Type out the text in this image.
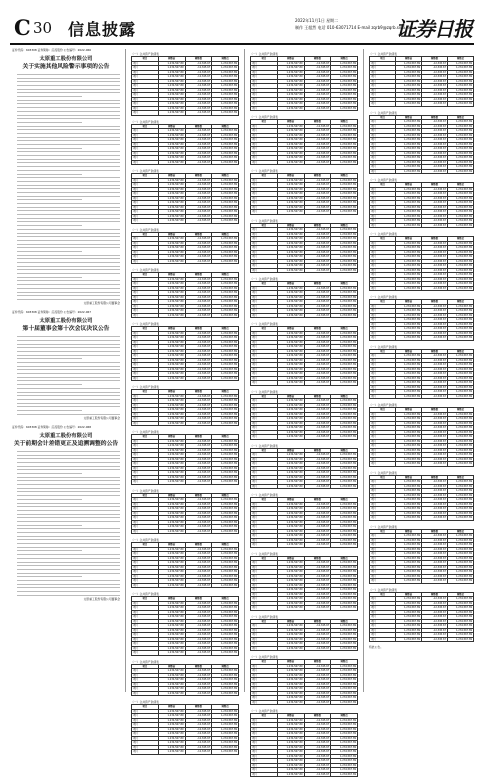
C 30 信息披露	2022年11月1日 星期二
制作 王超然 电话 010-63071714 E-mail zqrb9@zqrb.sina.net
证券日报
证券代码：603308 证券简称：应流股份 公告编号：2022-066
太原重工股份有限公司
关于实施其他风险警示事项的公告
太原重工股份有限公司董事会
证券代码：603308 证券简称：应流股份 公告编号：2022-067
太原重工股份有限公司
第十届董事会第十次会议决议公告
太原重工股份有限公司董事会
证券代码：603308 证券简称：应流股份 公告编号：2022-068
太原重工股份有限公司
关于前期会计差错更正及追溯调整的公告
太原重工股份有限公司董事会
（一）合并资产负债表
项目	调整前	调整数	调整后
项目	1,234,567.89	-12,345.67	1,234,567.89
项目	1,234,567.89	-12,345.67	1,234,567.89
项目	1,234,567.89	-12,345.67	1,234,567.89
项目	1,234,567.89	-12,345.67	1,234,567.89
项目	1,234,567.89	-12,345.67	1,234,567.89
项目	1,234,567.89	-12,345.67	1,234,567.89
项目	1,234,567.89	-12,345.67	1,234,567.89
项目	1,234,567.89	-12,345.67	1,234,567.89
项目	1,234,567.89	-12,345.67	1,234,567.89
项目	1,234,567.89	-12,345.67	1,234,567.89
项目	1,234,567.89	-12,345.67	1,234,567.89
项目	1,234,567.89	-12,345.67	1,234,567.89
（一）合并资产负债表
项目	调整前	调整数	调整后
项目	1,234,567.89	-12,345.67	1,234,567.89
项目	1,234,567.89	-12,345.67	1,234,567.89
项目	1,234,567.89	-12,345.67	1,234,567.89
项目	1,234,567.89	-12,345.67	1,234,567.89
项目	1,234,567.89	-12,345.67	1,234,567.89
项目	1,234,567.89	-12,345.67	1,234,567.89
项目	1,234,567.89	-12,345.67	1,234,567.89
项目	1,234,567.89	-12,345.67	1,234,567.89
（一）合并资产负债表
项目	调整前	调整数	调整后
项目	1,234,567.89	-12,345.67	1,234,567.89
项目	1,234,567.89	-12,345.67	1,234,567.89
项目	1,234,567.89	-12,345.67	1,234,567.89
项目	1,234,567.89	-12,345.67	1,234,567.89
项目	1,234,567.89	-12,345.67	1,234,567.89
项目	1,234,567.89	-12,345.67	1,234,567.89
项目	1,234,567.89	-12,345.67	1,234,567.89
项目	1,234,567.89	-12,345.67	1,234,567.89
项目	1,234,567.89	-12,345.67	1,234,567.89
项目	1,234,567.89	-12,345.67	1,234,567.89
（一）合并资产负债表
项目	调整前	调整数	调整后
项目	1,234,567.89	-12,345.67	1,234,567.89
项目	1,234,567.89	-12,345.67	1,234,567.89
项目	1,234,567.89	-12,345.67	1,234,567.89
项目	1,234,567.89	-12,345.67	1,234,567.89
项目	1,234,567.89	-12,345.67	1,234,567.89
项目	1,234,567.89	-12,345.67	1,234,567.89
（一）合并资产负债表
项目	调整前	调整数	调整后
项目	1,234,567.89	-12,345.67	1,234,567.89
项目	1,234,567.89	-12,345.67	1,234,567.89
项目	1,234,567.89	-12,345.67	1,234,567.89
项目	1,234,567.89	-12,345.67	1,234,567.89
项目	1,234,567.89	-12,345.67	1,234,567.89
项目	1,234,567.89	-12,345.67	1,234,567.89
项目	1,234,567.89	-12,345.67	1,234,567.89
项目	1,234,567.89	-12,345.67	1,234,567.89
项目	1,234,567.89	-12,345.67	1,234,567.89
（一）合并资产负债表
项目	调整前	调整数	调整后
项目	1,234,567.89	-12,345.67	1,234,567.89
项目	1,234,567.89	-12,345.67	1,234,567.89
项目	1,234,567.89	-12,345.67	1,234,567.89
项目	1,234,567.89	-12,345.67	1,234,567.89
项目	1,234,567.89	-12,345.67	1,234,567.89
项目	1,234,567.89	-12,345.67	1,234,567.89
项目	1,234,567.89	-12,345.67	1,234,567.89
项目	1,234,567.89	-12,345.67	1,234,567.89
项目	1,234,567.89	-12,345.67	1,234,567.89
项目	1,234,567.89	-12,345.67	1,234,567.89
项目	1,234,567.89	-12,345.67	1,234,567.89
（一）合并资产负债表
项目	调整前	调整数	调整后
项目	1,234,567.89	-12,345.67	1,234,567.89
项目	1,234,567.89	-12,345.67	1,234,567.89
项目	1,234,567.89	-12,345.67	1,234,567.89
项目	1,234,567.89	-12,345.67	1,234,567.89
项目	1,234,567.89	-12,345.67	1,234,567.89
项目	1,234,567.89	-12,345.67	1,234,567.89
项目	1,234,567.89	-12,345.67	1,234,567.89
（一）合并资产负债表
项目	调整前	调整数	调整后
项目	1,234,567.89	-12,345.67	1,234,567.89
项目	1,234,567.89	-12,345.67	1,234,567.89
项目	1,234,567.89	-12,345.67	1,234,567.89
项目	1,234,567.89	-12,345.67	1,234,567.89
项目	1,234,567.89	-12,345.67	1,234,567.89
项目	1,234,567.89	-12,345.67	1,234,567.89
项目	1,234,567.89	-12,345.67	1,234,567.89
项目	1,234,567.89	-12,345.67	1,234,567.89
项目	1,234,567.89	-12,345.67	1,234,567.89
项目	1,234,567.89	-12,345.67	1,234,567.89
（一）合并资产负债表
项目	调整前	调整数	调整后
项目	1,234,567.89	-12,345.67	1,234,567.89
项目	1,234,567.89	-12,345.67	1,234,567.89
项目	1,234,567.89	-12,345.67	1,234,567.89
项目	1,234,567.89	-12,345.67	1,234,567.89
项目	1,234,567.89	-12,345.67	1,234,567.89
项目	1,234,567.89	-12,345.67	1,234,567.89
项目	1,234,567.89	-12,345.67	1,234,567.89
项目	1,234,567.89	-12,345.67	1,234,567.89
（一）合并资产负债表
项目	调整前	调整数	调整后
项目	1,234,567.89	-12,345.67	1,234,567.89
项目	1,234,567.89	-12,345.67	1,234,567.89
项目	1,234,567.89	-12,345.67	1,234,567.89
项目	1,234,567.89	-12,345.67	1,234,567.89
项目	1,234,567.89	-12,345.67	1,234,567.89
项目	1,234,567.89	-12,345.67	1,234,567.89
项目	1,234,567.89	-12,345.67	1,234,567.89
项目	1,234,567.89	-12,345.67	1,234,567.89
项目	1,234,567.89	-12,345.67	1,234,567.89
（一）合并资产负债表
项目	调整前	调整数	调整后
项目	1,234,567.89	-12,345.67	1,234,567.89
项目	1,234,567.89	-12,345.67	1,234,567.89
项目	1,234,567.89	-12,345.67	1,234,567.89
项目	1,234,567.89	-12,345.67	1,234,567.89
项目	1,234,567.89	-12,345.67	1,234,567.89
项目	1,234,567.89	-12,345.67	1,234,567.89
项目	1,234,567.89	-12,345.67	1,234,567.89
项目	1,234,567.89	-12,345.67	1,234,567.89
项目	1,234,567.89	-12,345.67	1,234,567.89
项目	1,234,567.89	-12,345.67	1,234,567.89
项目	1,234,567.89	-12,345.67	1,234,567.89
项目	1,234,567.89	-12,345.67	1,234,567.89
（一）合并资产负债表
项目	调整前	调整数	调整后
项目	1,234,567.89	-12,345.67	1,234,567.89
项目	1,234,567.89	-12,345.67	1,234,567.89
项目	1,234,567.89	-12,345.67	1,234,567.89
项目	1,234,567.89	-12,345.67	1,234,567.89
项目	1,234,567.89	-12,345.67	1,234,567.89
项目	1,234,567.89	-12,345.67	1,234,567.89
（一）合并资产负债表
项目	调整前	调整数	调整后
项目	1,234,567.89	-12,345.67	1,234,567.89
项目	1,234,567.89	-12,345.67	1,234,567.89
项目	1,234,567.89	-12,345.67	1,234,567.89
项目	1,234,567.89	-12,345.67	1,234,567.89
项目	1,234,567.89	-12,345.67	1,234,567.89
项目	1,234,567.89	-12,345.67	1,234,567.89
项目	1,234,567.89	-12,345.67	1,234,567.89
项目	1,234,567.89	-12,345.67	1,234,567.89
项目	1,234,567.89	-12,345.67	1,234,567.89
项目	1,234,567.89	-12,345.67	1,234,567.89
（一）合并资产负债表
项目	调整前	调整数	调整后
项目	1,234,567.89	-12,345.67	1,234,567.89
项目	1,234,567.89	-12,345.67	1,234,567.89
项目	1,234,567.89	-12,345.67	1,234,567.89
项目	1,234,567.89	-12,345.67	1,234,567.89
项目	1,234,567.89	-12,345.67	1,234,567.89
项目	1,234,567.89	-12,345.67	1,234,567.89
项目	1,234,567.89	-12,345.67	1,234,567.89
项目	1,234,567.89	-12,345.67	1,234,567.89
项目	1,234,567.89	-12,345.67	1,234,567.89
项目	1,234,567.89	-12,345.67	1,234,567.89
项目	1,234,567.89	-12,345.67	1,234,567.89
（一）合并资产负债表
项目	调整前	调整数	调整后
项目	1,234,567.89	-12,345.67	1,234,567.89
项目	1,234,567.89	-12,345.67	1,234,567.89
项目	1,234,567.89	-12,345.67	1,234,567.89
项目	1,234,567.89	-12,345.67	1,234,567.89
项目	1,234,567.89	-12,345.67	1,234,567.89
项目	1,234,567.89	-12,345.67	1,234,567.89
项目	1,234,567.89	-12,345.67	1,234,567.89
项目	1,234,567.89	-12,345.67	1,234,567.89
项目	1,234,567.89	-12,345.67	1,234,567.89
（一）合并资产负债表
项目	调整前	调整数	调整后
项目	1,234,567.89	-12,345.67	1,234,567.89
项目	1,234,567.89	-12,345.67	1,234,567.89
项目	1,234,567.89	-12,345.67	1,234,567.89
项目	1,234,567.89	-12,345.67	1,234,567.89
项目	1,234,567.89	-12,345.67	1,234,567.89
项目	1,234,567.89	-12,345.67	1,234,567.89
项目	1,234,567.89	-12,345.67	1,234,567.89
项目	1,234,567.89	-12,345.67	1,234,567.89
（一）合并资产负债表
项目	调整前	调整数	调整后
项目	1,234,567.89	-12,345.67	1,234,567.89
项目	1,234,567.89	-12,345.67	1,234,567.89
项目	1,234,567.89	-12,345.67	1,234,567.89
项目	1,234,567.89	-12,345.67	1,234,567.89
项目	1,234,567.89	-12,345.67	1,234,567.89
项目	1,234,567.89	-12,345.67	1,234,567.89
项目	1,234,567.89	-12,345.67	1,234,567.89
项目	1,234,567.89	-12,345.67	1,234,567.89
项目	1,234,567.89	-12,345.67	1,234,567.89
项目	1,234,567.89	-12,345.67	1,234,567.89
（一）合并资产负债表
项目	调整前	调整数	调整后
项目	1,234,567.89	-12,345.67	1,234,567.89
项目	1,234,567.89	-12,345.67	1,234,567.89
项目	1,234,567.89	-12,345.67	1,234,567.89
项目	1,234,567.89	-12,345.67	1,234,567.89
项目	1,234,567.89	-12,345.67	1,234,567.89
项目	1,234,567.89	-12,345.67	1,234,567.89
项目	1,234,567.89	-12,345.67	1,234,567.89
（一）合并资产负债表
项目	调整前	调整数	调整后
项目	1,234,567.89	-12,345.67	1,234,567.89
项目	1,234,567.89	-12,345.67	1,234,567.89
项目	1,234,567.89	-12,345.67	1,234,567.89
项目	1,234,567.89	-12,345.67	1,234,567.89
项目	1,234,567.89	-12,345.67	1,234,567.89
项目	1,234,567.89	-12,345.67	1,234,567.89
项目	1,234,567.89	-12,345.67	1,234,567.89
项目	1,234,567.89	-12,345.67	1,234,567.89
项目	1,234,567.89	-12,345.67	1,234,567.89
项目	1,234,567.89	-12,345.67	1,234,567.89
项目	1,234,567.89	-12,345.67	1,234,567.89
项目	1,234,567.89	-12,345.67	1,234,567.89
（一）合并资产负债表
项目	调整前	调整数	调整后
项目	1,234,567.89	-12,345.67	1,234,567.89
项目	1,234,567.89	-12,345.67	1,234,567.89
项目	1,234,567.89	-12,345.67	1,234,567.89
项目	1,234,567.89	-12,345.67	1,234,567.89
项目	1,234,567.89	-12,345.67	1,234,567.89
项目	1,234,567.89	-12,345.67	1,234,567.89
项目	1,234,567.89	-12,345.67	1,234,567.89
项目	1,234,567.89	-12,345.67	1,234,567.89
项目	1,234,567.89	-12,345.67	1,234,567.89
（一）合并资产负债表
项目	调整前	调整数	调整后
项目	1,234,567.89	-12,345.67	1,234,567.89
项目	1,234,567.89	-12,345.67	1,234,567.89
项目	1,234,567.89	-12,345.67	1,234,567.89
项目	1,234,567.89	-12,345.67	1,234,567.89
项目	1,234,567.89	-12,345.67	1,234,567.89
项目	1,234,567.89	-12,345.67	1,234,567.89
项目	1,234,567.89	-12,345.67	1,234,567.89
项目	1,234,567.89	-12,345.67	1,234,567.89
（一）合并资产负债表
项目	调整前	调整数	调整后
项目	1,234,567.89	-12,345.67	1,234,567.89
项目	1,234,567.89	-12,345.67	1,234,567.89
项目	1,234,567.89	-12,345.67	1,234,567.89
项目	1,234,567.89	-12,345.67	1,234,567.89
项目	1,234,567.89	-12,345.67	1,234,567.89
项目	1,234,567.89	-12,345.67	1,234,567.89
项目	1,234,567.89	-12,345.67	1,234,567.89
项目	1,234,567.89	-12,345.67	1,234,567.89
项目	1,234,567.89	-12,345.67	1,234,567.89
项目	1,234,567.89	-12,345.67	1,234,567.89
（一）合并资产负债表
项目	调整前	调整数	调整后
项目	1,234,567.89	-12,345.67	1,234,567.89
项目	1,234,567.89	-12,345.67	1,234,567.89
项目	1,234,567.89	-12,345.67	1,234,567.89
项目	1,234,567.89	-12,345.67	1,234,567.89
项目	1,234,567.89	-12,345.67	1,234,567.89
项目	1,234,567.89	-12,345.67	1,234,567.89
项目	1,234,567.89	-12,345.67	1,234,567.89
项目	1,234,567.89	-12,345.67	1,234,567.89
项目	1,234,567.89	-12,345.67	1,234,567.89
项目	1,234,567.89	-12,345.67	1,234,567.89
项目	1,234,567.89	-12,345.67	1,234,567.89
（一）合并资产负债表
项目	调整前	调整数	调整后
项目	1,234,567.89	-12,345.67	1,234,567.89
项目	1,234,567.89	-12,345.67	1,234,567.89
项目	1,234,567.89	-12,345.67	1,234,567.89
项目	1,234,567.89	-12,345.67	1,234,567.89
项目	1,234,567.89	-12,345.67	1,234,567.89
项目	1,234,567.89	-12,345.67	1,234,567.89
（一）合并资产负债表
项目	调整前	调整数	调整后
项目	1,234,567.89	-12,345.67	1,234,567.89
项目	1,234,567.89	-12,345.67	1,234,567.89
项目	1,234,567.89	-12,345.67	1,234,567.89
项目	1,234,567.89	-12,345.67	1,234,567.89
项目	1,234,567.89	-12,345.67	1,234,567.89
项目	1,234,567.89	-12,345.67	1,234,567.89
项目	1,234,567.89	-12,345.67	1,234,567.89
项目	1,234,567.89	-12,345.67	1,234,567.89
项目	1,234,567.89	-12,345.67	1,234,567.89
（一）合并资产负债表
项目	调整前	调整数	调整后
项目	1,234,567.89	-12,345.67	1,234,567.89
项目	1,234,567.89	-12,345.67	1,234,567.89
项目	1,234,567.89	-12,345.67	1,234,567.89
项目	1,234,567.89	-12,345.67	1,234,567.89
项目	1,234,567.89	-12,345.67	1,234,567.89
项目	1,234,567.89	-12,345.67	1,234,567.89
项目	1,234,567.89	-12,345.67	1,234,567.89
项目	1,234,567.89	-12,345.67	1,234,567.89
项目	1,234,567.89	-12,345.67	1,234,567.89
项目	1,234,567.89	-12,345.67	1,234,567.89
项目	1,234,567.89	-12,345.67	1,234,567.89
项目	1,234,567.89	-12,345.67	1,234,567.89
项目	1,234,567.89	-12,345.67	1,234,567.89
（一）合并资产负债表
项目	调整前	调整数	调整后
项目	1,234,567.89	-12,345.67	1,234,567.89
项目	1,234,567.89	-12,345.67	1,234,567.89
项目	1,234,567.89	-12,345.67	1,234,567.89
项目	1,234,567.89	-12,345.67	1,234,567.89
项目	1,234,567.89	-12,345.67	1,234,567.89
项目	1,234,567.89	-12,345.67	1,234,567.89
项目	1,234,567.89	-12,345.67	1,234,567.89
项目	1,234,567.89	-12,345.67	1,234,567.89
项目	1,234,567.89	-12,345.67	1,234,567.89
项目	1,234,567.89	-12,345.67	1,234,567.89
（一）合并资产负债表
项目	调整前	调整数	调整后
项目	1,234,567.89	-12,345.67	1,234,567.89
项目	1,234,567.89	-12,345.67	1,234,567.89
项目	1,234,567.89	-12,345.67	1,234,567.89
项目	1,234,567.89	-12,345.67	1,234,567.89
项目	1,234,567.89	-12,345.67	1,234,567.89
项目	1,234,567.89	-12,345.67	1,234,567.89
项目	1,234,567.89	-12,345.67	1,234,567.89
项目	1,234,567.89	-12,345.67	1,234,567.89
项目	1,234,567.89	-12,345.67	1,234,567.89
项目	1,234,567.89	-12,345.67	1,234,567.89
项目	1,234,567.89	-12,345.67	1,234,567.89
项目	1,234,567.89	-12,345.67	1,234,567.89
（一）合并资产负债表
项目	调整前	调整数	调整后
项目	1,234,567.89	-12,345.67	1,234,567.89
项目	1,234,567.89	-12,345.67	1,234,567.89
项目	1,234,567.89	-12,345.67	1,234,567.89
项目	1,234,567.89	-12,345.67	1,234,567.89
项目	1,234,567.89	-12,345.67	1,234,567.89
项目	1,234,567.89	-12,345.67	1,234,567.89
项目	1,234,567.89	-12,345.67	1,234,567.89
项目	1,234,567.89	-12,345.67	1,234,567.89
项目	1,234,567.89	-12,345.67	1,234,567.89
（一）合并资产负债表
项目	调整前	调整数	调整后
项目	1,234,567.89	-12,345.67	1,234,567.89
项目	1,234,567.89	-12,345.67	1,234,567.89
项目	1,234,567.89	-12,345.67	1,234,567.89
项目	1,234,567.89	-12,345.67	1,234,567.89
项目	1,234,567.89	-12,345.67	1,234,567.89
项目	1,234,567.89	-12,345.67	1,234,567.89
项目	1,234,567.89	-12,345.67	1,234,567.89
项目	1,234,567.89	-12,345.67	1,234,567.89
项目	1,234,567.89	-12,345.67	1,234,567.89
项目	1,234,567.89	-12,345.67	1,234,567.89
项目	1,234,567.89	-12,345.67	1,234,567.89
（一）合并资产负债表
项目	调整前	调整数	调整后
项目	1,234,567.89	-12,345.67	1,234,567.89
项目	1,234,567.89	-12,345.67	1,234,567.89
项目	1,234,567.89	-12,345.67	1,234,567.89
项目	1,234,567.89	-12,345.67	1,234,567.89
项目	1,234,567.89	-12,345.67	1,234,567.89
项目	1,234,567.89	-12,345.67	1,234,567.89
项目	1,234,567.89	-12,345.67	1,234,567.89
项目	1,234,567.89	-12,345.67	1,234,567.89
（一）合并资产负债表
项目	调整前	调整数	调整后
项目	1,234,567.89	-12,345.67	1,234,567.89
项目	1,234,567.89	-12,345.67	1,234,567.89
项目	1,234,567.89	-12,345.67	1,234,567.89
项目	1,234,567.89	-12,345.67	1,234,567.89
项目	1,234,567.89	-12,345.67	1,234,567.89
项目	1,234,567.89	-12,345.67	1,234,567.89
项目	1,234,567.89	-12,345.67	1,234,567.89
项目	1,234,567.89	-12,345.67	1,234,567.89
项目	1,234,567.89	-12,345.67	1,234,567.89
项目	1,234,567.89	-12,345.67	1,234,567.89
（一）合并资产负债表
项目	调整前	调整数	调整后
项目	1,234,567.89	-12,345.67	1,234,567.89
项目	1,234,567.89	-12,345.67	1,234,567.89
项目	1,234,567.89	-12,345.67	1,234,567.89
项目	1,234,567.89	-12,345.67	1,234,567.89
项目	1,234,567.89	-12,345.67	1,234,567.89
项目	1,234,567.89	-12,345.67	1,234,567.89
项目	1,234,567.89	-12,345.67	1,234,567.89
项目	1,234,567.89	-12,345.67	1,234,567.89
项目	1,234,567.89	-12,345.67	1,234,567.89
项目	1,234,567.89	-12,345.67	1,234,567.89
项目	1,234,567.89	-12,345.67	1,234,567.89
项目	1,234,567.89	-12,345.67	1,234,567.89
（一）合并资产负债表
项目	调整前	调整数	调整后
项目	1,234,567.89	-12,345.67	1,234,567.89
项目	1,234,567.89	-12,345.67	1,234,567.89
项目	1,234,567.89	-12,345.67	1,234,567.89
项目	1,234,567.89	-12,345.67	1,234,567.89
项目	1,234,567.89	-12,345.67	1,234,567.89
项目	1,234,567.89	-12,345.67	1,234,567.89
项目	1,234,567.89	-12,345.67	1,234,567.89
项目	1,234,567.89	-12,345.67	1,234,567.89
项目	1,234,567.89	-12,345.67	1,234,567.89
（一）合并资产负债表
项目	调整前	调整数	调整后
项目	1,234,567.89	-12,345.67	1,234,567.89
项目	1,234,567.89	-12,345.67	1,234,567.89
项目	1,234,567.89	-12,345.67	1,234,567.89
项目	1,234,567.89	-12,345.67	1,234,567.89
项目	1,234,567.89	-12,345.67	1,234,567.89
项目	1,234,567.89	-12,345.67	1,234,567.89
项目	1,234,567.89	-12,345.67	1,234,567.89
项目	1,234,567.89	-12,345.67	1,234,567.89
项目	1,234,567.89	-12,345.67	1,234,567.89
项目	1,234,567.89	-12,345.67	1,234,567.89
项目	1,234,567.89	-12,345.67	1,234,567.89
（一）合并资产负债表
项目	调整前	调整数	调整后
项目	1,234,567.89	-12,345.67	1,234,567.89
项目	1,234,567.89	-12,345.67	1,234,567.89
项目	1,234,567.89	-12,345.67	1,234,567.89
项目	1,234,567.89	-12,345.67	1,234,567.89
项目	1,234,567.89	-12,345.67	1,234,567.89
项目	1,234,567.89	-12,345.67	1,234,567.89
项目	1,234,567.89	-12,345.67	1,234,567.89
项目	1,234,567.89	-12,345.67	1,234,567.89
项目	1,234,567.89	-12,345.67	1,234,567.89
项目	1,234,567.89	-12,345.67	1,234,567.89
特此公告。
